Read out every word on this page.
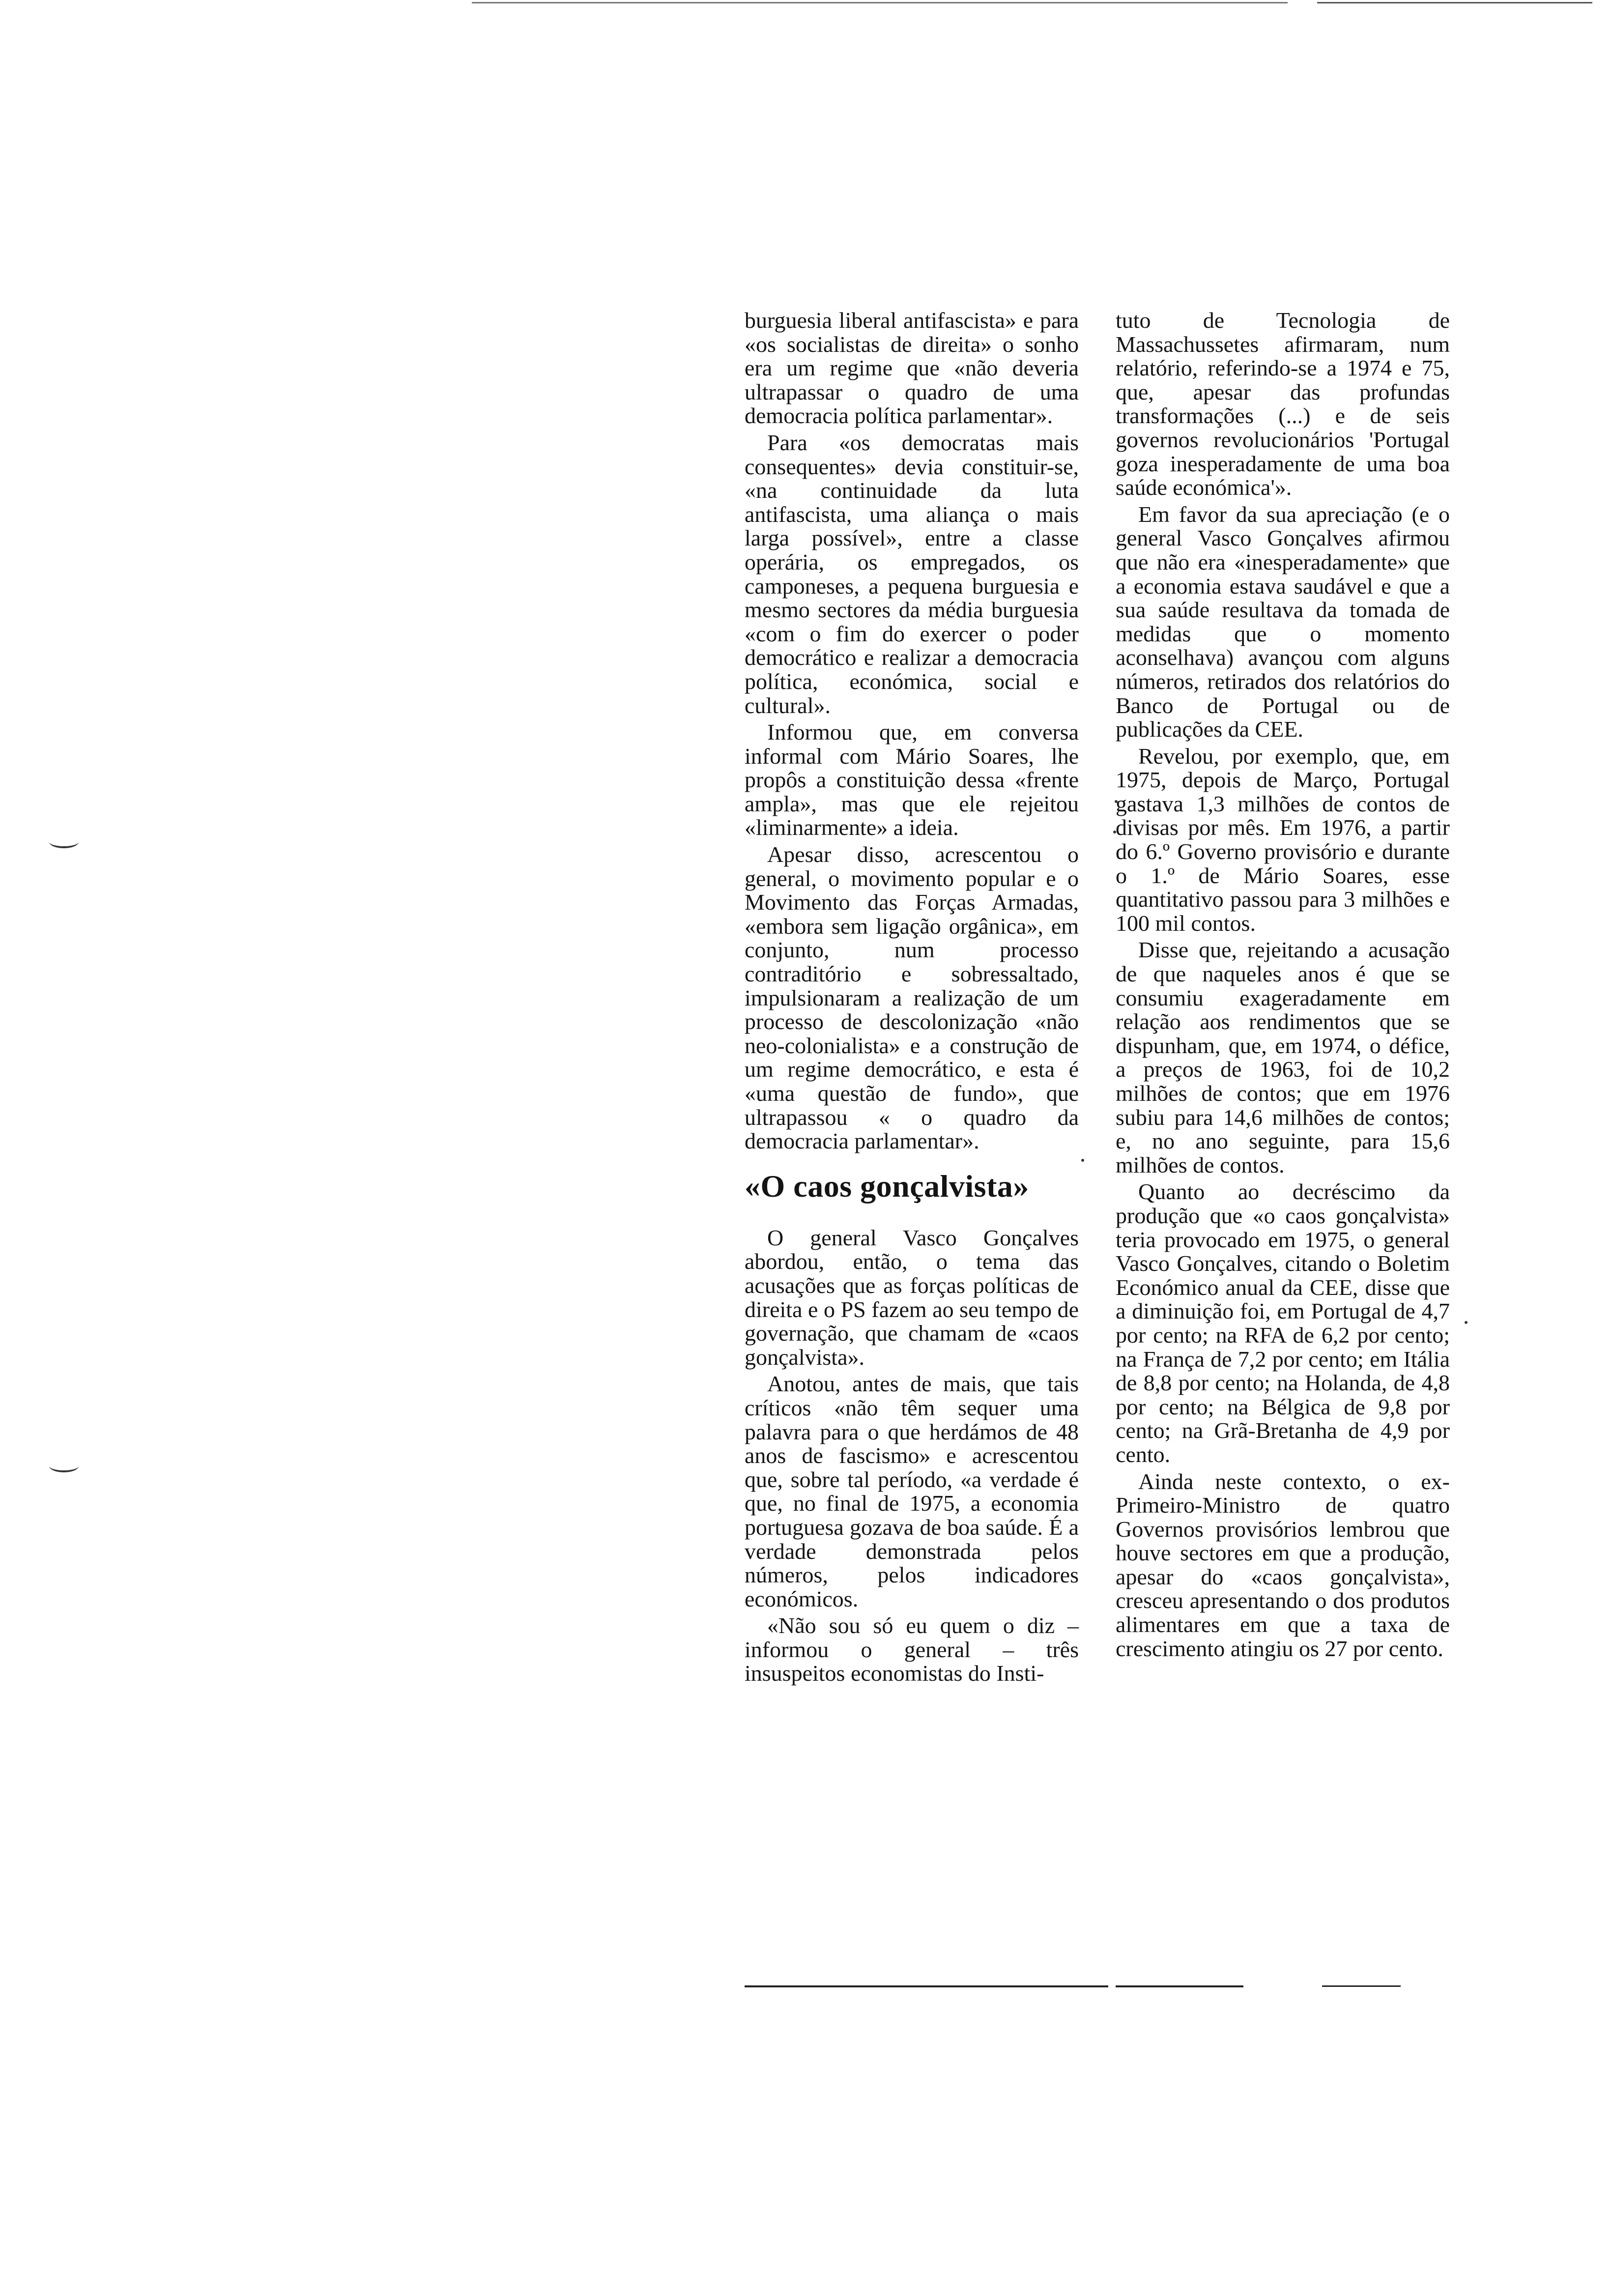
burguesia liberal antifascista» e para «os socialistas de direita» o sonho era um regime que «não deveria ultrapassar o quadro de uma democracia política parlamentar».

Para «os democratas mais consequentes» devia constituir-se, «na continuidade da luta antifascista, uma aliança o mais larga possível», entre a classe operária, os empregados, os camponeses, a pequena burguesia e mesmo sectores da média burguesia «com o fim do exercer o poder democrático e realizar a democracia política, económica, social e cultural».

Informou que, em conversa informal com Mário Soares, lhe propôs a constituição dessa «frente ampla», mas que ele rejeitou «liminarmente» a ideia.

Apesar disso, acrescentou o general, o movimento popular e o Movimento das Forças Armadas, «embora sem ligação orgânica», em conjunto, num processo contraditório e sobressaltado, impulsionaram a realização de um processo de descolonização «não neo-colonialista» e a construção de um regime democrático, e esta é «uma questão de fundo», que ultrapassou « o quadro da democracia parlamentar».

«O caos gonçalvista»

O general Vasco Gonçalves abordou, então, o tema das acusações que as forças políticas de direita e o PS fazem ao seu tempo de governação, que chamam de «caos gonçalvista».

Anotou, antes de mais, que tais críticos «não têm sequer uma palavra para o que herdámos de 48 anos de fascismo» e acrescentou que, sobre tal período, «a verdade é que, no final de 1975, a economia portuguesa gozava de boa saúde. É a verdade demonstrada pelos números, pelos indicadores económicos.

«Não sou só eu quem o diz – informou o general – três insuspeitos economistas do Insti-

tuto de Tecnologia de Massachussetes afirmaram, num relatório, referindo-se a 1974 e 75, que, apesar das profundas transformações (...) e de seis governos revolucionários 'Portugal goza inesperadamente de uma boa saúde económica'».

Em favor da sua apreciação (e o general Vasco Gonçalves afirmou que não era «inesperadamente» que a economia estava saudável e que a sua saúde resultava da tomada de medidas que o momento aconselhava) avançou com alguns números, retirados dos relatórios do Banco de Portugal ou de publicações da CEE.

Revelou, por exemplo, que, em 1975, depois de Março, Portugal gastava 1,3 milhões de contos de divisas por mês. Em 1976, a partir do 6.º Governo provisório e durante o 1.º de Mário Soares, esse quantitativo passou para 3 milhões e 100 mil contos.

Disse que, rejeitando a acusação de que naqueles anos é que se consumiu exageradamente em relação aos rendimentos que se dispunham, que, em 1974, o défice, a preços de 1963, foi de 10,2 milhões de contos; que em 1976 subiu para 14,6 milhões de contos; e, no ano seguinte, para 15,6 milhões de contos.

Quanto ao decréscimo da produção que «o caos gonçalvista» teria provocado em 1975, o general Vasco Gonçalves, citando o Boletim Económico anual da CEE, disse que a diminuição foi, em Portugal de 4,7 por cento; na RFA de 6,2 por cento; na França de 7,2 por cento; em Itália de 8,8 por cento; na Holanda, de 4,8 por cento; na Bélgica de 9,8 por cento; na Grã-Bretanha de 4,9 por cento.

Ainda neste contexto, o ex-Primeiro-Ministro de quatro Governos provisórios lembrou que houve sectores em que a produção, apesar do «caos gonçalvista», cresceu apresentando o dos produtos alimentares em que a taxa de crescimento atingiu os 27 por cento.
